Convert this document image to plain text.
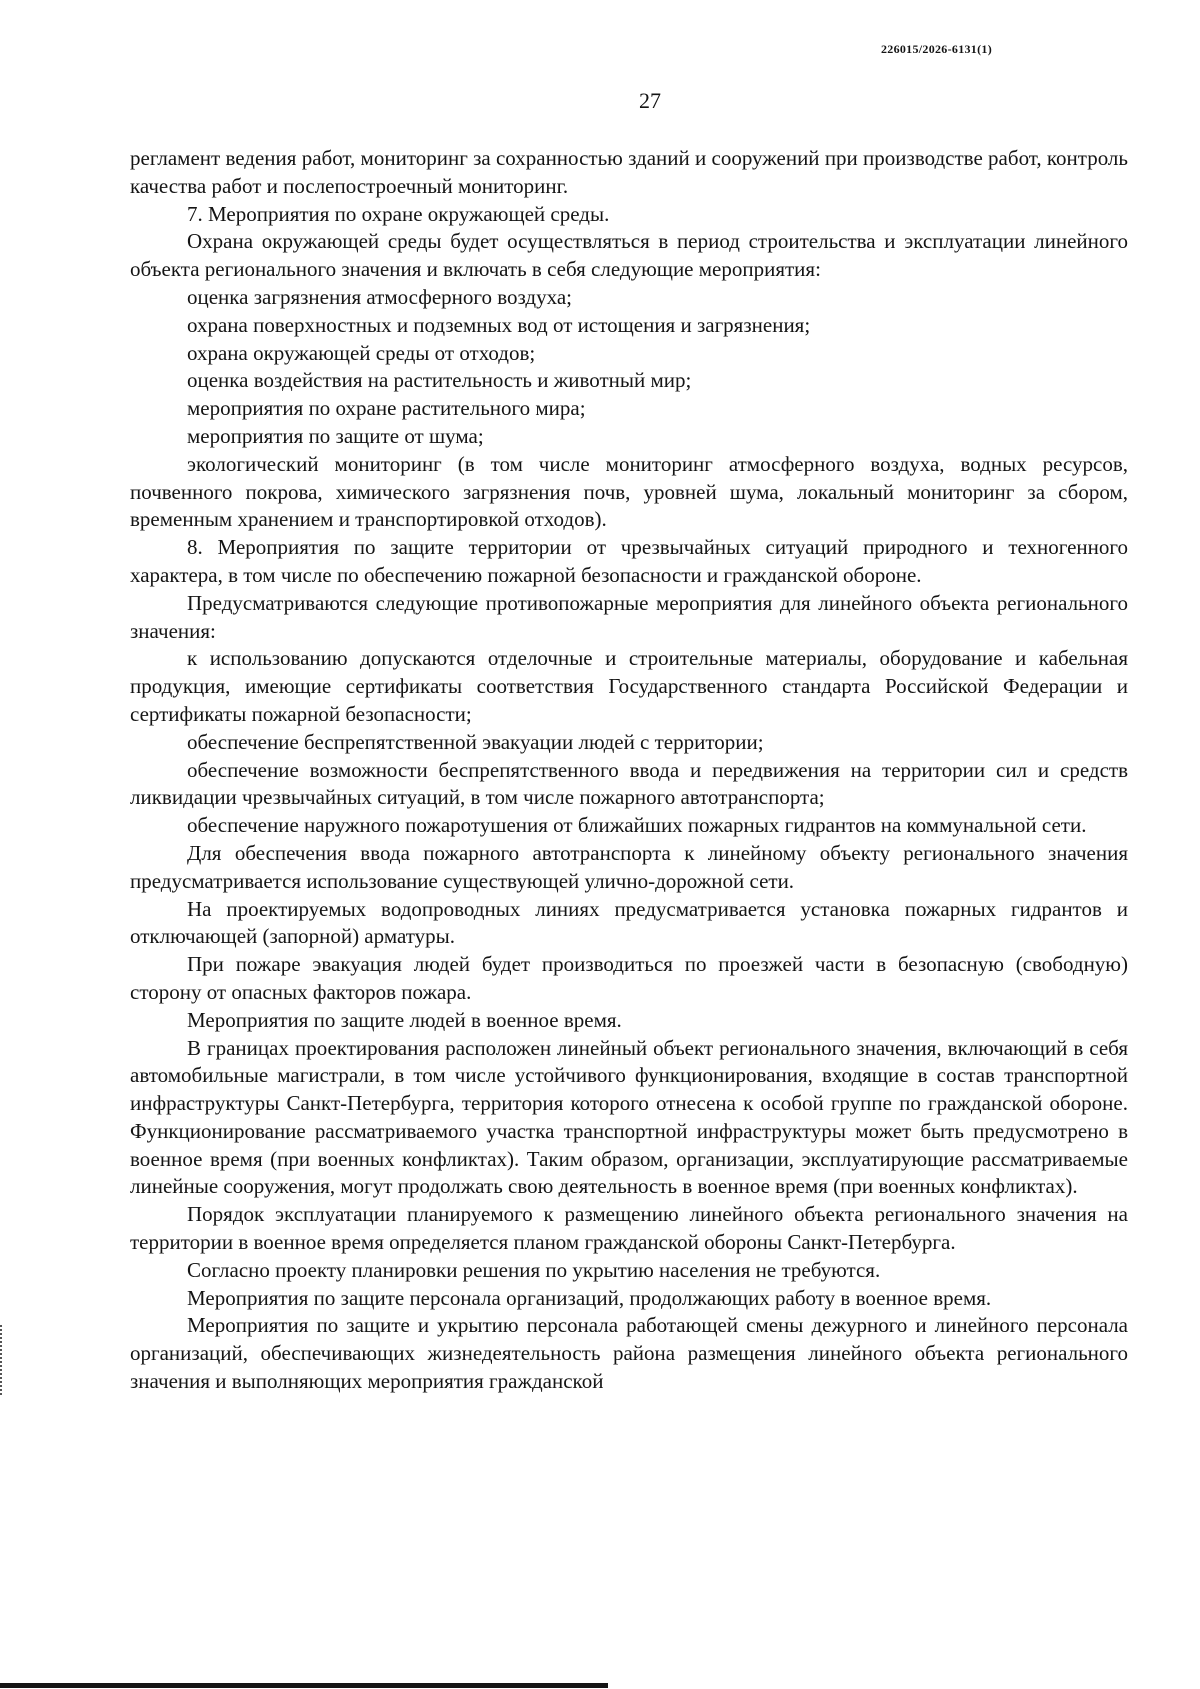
226015/2026-6131(1)
27

регламент ведения работ, мониторинг за сохранностью зданий и сооружений при производстве работ, контроль качества работ и послепостроечный мониторинг.

7. Мероприятия по охране окружающей среды.

Охрана окружающей среды будет осуществляться в период строительства и эксплуатации линейного объекта регионального значения и включать в себя следующие мероприятия:

оценка загрязнения атмосферного воздуха;

охрана поверхностных и подземных вод от истощения и загрязнения;

охрана окружающей среды от отходов;

оценка воздействия на растительность и животный мир;

мероприятия по охране растительного мира;

мероприятия по защите от шума;

экологический мониторинг (в том числе мониторинг атмосферного воздуха, водных ресурсов, почвенного покрова, химического загрязнения почв, уровней шума, локальный мониторинг за сбором, временным хранением и транспортировкой отходов).

8. Мероприятия по защите территории от чрезвычайных ситуаций природного и техногенного характера, в том числе по обеспечению пожарной безопасности и гражданской обороне.

Предусматриваются следующие противопожарные мероприятия для линейного объекта регионального значения:

к использованию допускаются отделочные и строительные материалы, оборудование и кабельная продукция, имеющие сертификаты соответствия Государственного стандарта Российской Федерации и сертификаты пожарной безопасности;

обеспечение беспрепятственной эвакуации людей с территории;

обеспечение возможности беспрепятственного ввода и передвижения на территории сил и средств ликвидации чрезвычайных ситуаций, в том числе пожарного автотранспорта;

обеспечение наружного пожаротушения от ближайших пожарных гидрантов на коммунальной сети.

Для обеспечения ввода пожарного автотранспорта к линейному объекту регионального значения предусматривается использование существующей улично-дорожной сети.

На проектируемых водопроводных линиях предусматривается установка пожарных гидрантов и отключающей (запорной) арматуры.

При пожаре эвакуация людей будет производиться по проезжей части в безопасную (свободную) сторону от опасных факторов пожара.

Мероприятия по защите людей в военное время.

В границах проектирования расположен линейный объект регионального значения, включающий в себя автомобильные магистрали, в том числе устойчивого функционирования, входящие в состав транспортной инфраструктуры Санкт-Петербурга, территория которого отнесена к особой группе по гражданской обороне. Функционирование рассматриваемого участка транспортной инфраструктуры может быть предусмотрено в военное время (при военных конфликтах). Таким образом, организации, эксплуатирующие рассматриваемые линейные сооружения, могут продолжать свою деятельность в военное время (при военных конфликтах).

Порядок эксплуатации планируемого к размещению линейного объекта регионального значения на территории в военное время определяется планом гражданской обороны Санкт-Петербурга.

Согласно проекту планировки решения по укрытию населения не требуются.

Мероприятия по защите персонала организаций, продолжающих работу в военное время.

Мероприятия по защите и укрытию персонала работающей смены дежурного и линейного персонала организаций, обеспечивающих жизнедеятельность района размещения линейного объекта регионального значения и выполняющих мероприятия гражданской
